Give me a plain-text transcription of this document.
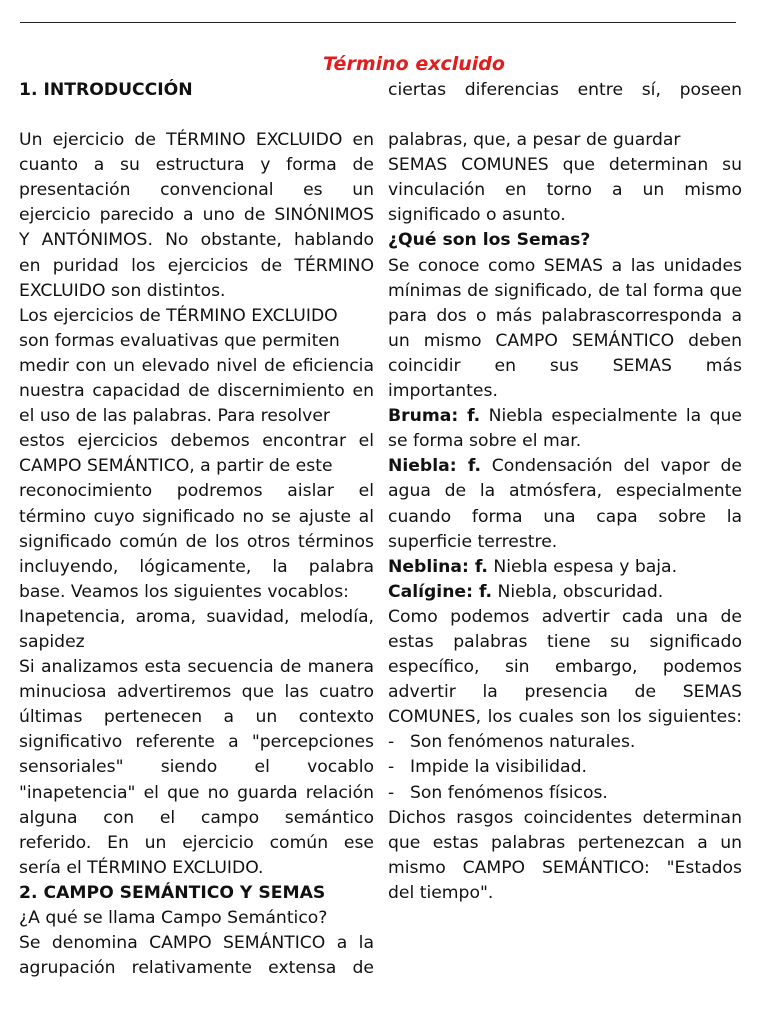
Término excluido

1. INTRODUCCIÓN

Un ejercicio de TÉRMINO EXCLUIDO en

cuanto a su estructura y forma de

presentación convencional es un

ejercicio parecido a uno de SINÓNIMOS

Y ANTÓNIMOS. No obstante, hablando

en puridad los ejercicios de TÉRMINO

EXCLUIDO son distintos.

Los ejercicios de TÉRMINO EXCLUIDO

son formas evaluativas que permiten

medir con un elevado nivel de eficiencia

nuestra capacidad de discernimiento en

el uso de las palabras. Para resolver

estos ejercicios debemos encontrar el

CAMPO SEMÁNTICO, a partir de este

reconocimiento podremos aislar el

término cuyo significado no se ajuste al

significado común de los otros términos

incluyendo, lógicamente, la palabra

base. Veamos los siguientes vocablos:

Inapetencia, aroma, suavidad, melodía,

sapidez

Si analizamos esta secuencia de manera

minuciosa advertiremos que las cuatro

últimas pertenecen a un contexto

significativo referente a "percepciones

sensoriales" siendo el vocablo

"inapetencia" el que no guarda relación

alguna con el campo semántico

referido. En un ejercicio común ese

sería el TÉRMINO EXCLUIDO.

2. CAMPO SEMÁNTICO Y SEMAS

¿A qué se llama Campo Semántico?

Se denomina CAMPO SEMÁNTICO a la

agrupación relativamente extensa de

ciertas diferencias entre sí, poseen

palabras, que, a pesar de guardar

SEMAS COMUNES que determinan su

vinculación en torno a un mismo

significado o asunto.

¿Qué son los Semas?

Se conoce como SEMAS a las unidades

mínimas de significado, de tal forma que

para dos o más palabrascorresponda a

un mismo CAMPO SEMÁNTICO deben

coincidir en sus SEMAS más

importantes.

Bruma: f. Niebla especialmente la que

se forma sobre el mar.

Niebla: f. Condensación del vapor de

agua de la atmósfera, especialmente

cuando forma una capa sobre la

superficie terrestre.

Neblina: f. Niebla espesa y baja.

Calígine: f. Niebla, obscuridad.

Como podemos advertir cada una de

estas palabras tiene su significado

específico, sin embargo, podemos

advertir la presencia de SEMAS

COMUNES, los cuales son los siguientes:

- Son fenómenos naturales.

- Impide la visibilidad.

- Son fenómenos físicos.

Dichos rasgos coincidentes determinan

que estas palabras pertenezcan a un

mismo CAMPO SEMÁNTICO: "Estados

del tiempo".
